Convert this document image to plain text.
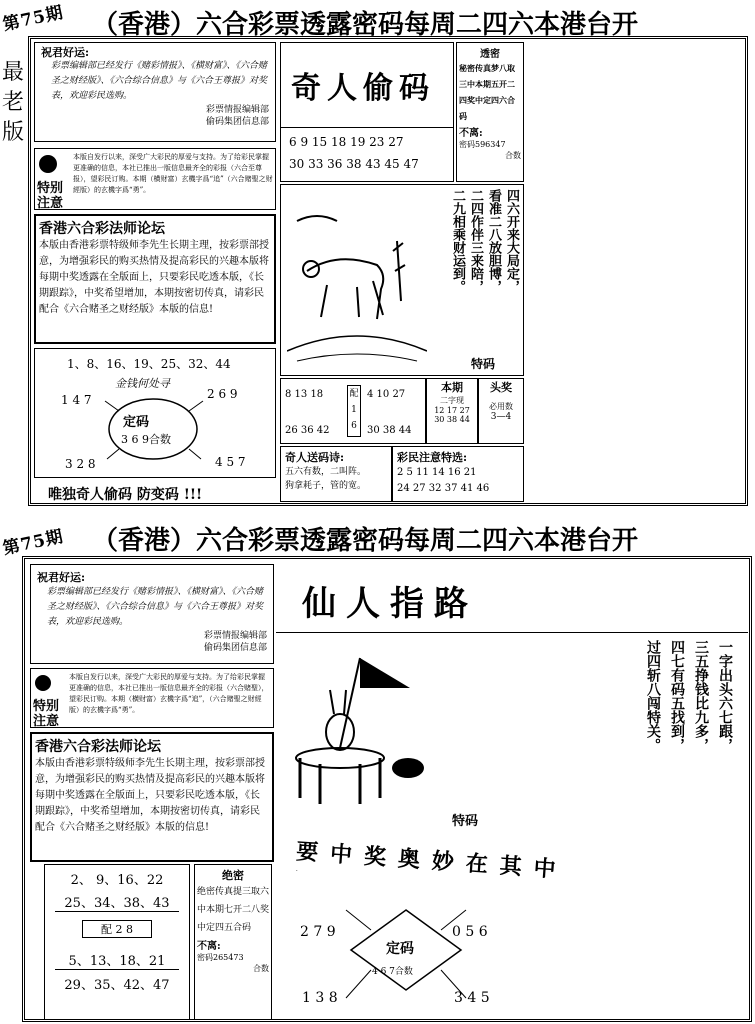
第75期 （香港）六合彩票透露密码每周二四六本港台开
最
老
版
祝君好运:
彩票编辑部已经发行《赌彩情报》、《横财富》、《六合赌圣之财经版》、《六合综合信息》与《六合王尊报》对奖表，欢迎彩民选购。
彩票情报编辑部
偷码集团信息部
特别
注意
本版自发行以来，深受广大彩民的厚爱与支持。为了给彩民掌握更准确的信息，本社已推出一版信息最齐全的彩报（六合至尊报），望彩民订购。本期（横财富）玄機字爲“追”（六合赌聖之财經版）的玄機字爲“勇”。
香港六合彩法师论坛
本版由香港彩票特级师李先生长期主理，按彩票部授意，为增强彩民的购买热情及提高彩民的兴趣本版将每期中奖透露在全版面上，只要彩民吃透本版，《长期跟踪》，中奖希望增加，本期按密切传真，请彩民配合《六合赌圣之财经版》本版的信息!
1、8、16、19、25、32、44
金钱何处寻
1 4 7	2 6 9
定码
3 6 9合数
3 2 8	4 5 7
唯独奇人偷码 防变码 !!!
奇人偷码
6 9 15 18 19 23 27
30 33 36 38 43 45 47
透密
秘密传真梦八取三中本期五开二四奖中定四六合码
不离:
密码596347
合数
四六开来大局定，
看准二八放胆博，
二四作伴三来陪，
二九相乘财运到。
特码
8 13 18
26 36 42
配
1
6
4 10 27
30 38 44
本期
二字现
12 17 27
30 38 44
头奖
必用数
3—4
奇人送码诗:
五六有数，二叫阵。
狗拿耗子，管的宽。
彩民注意特选:
2 5 11 14 16 21
24 27 32 37 41 46
第75期 （香港）六合彩票透露密码每周二四六本港台开
祝君好运:
彩票编辑部已经发行《赌彩情报》、《横财富》、《六合赌圣之财经版》、《六合综合信息》与《六合王尊报》对奖表，欢迎彩民选购。
彩票情报编辑部
偷码集团信息部
特别
注意
本版自发行以来，深受广大彩民的厚爱与支持。为了给彩民掌握更准确的信息，本社已推出一版信息最齐全的彩报（六合赌聖），望彩民订购。本期（横财富）玄機字爲“追”，（六合赌聖之财經版）的玄機字爲“勇”。
香港六合彩法师论坛
本版由香港彩票特级师李先生长期主理，按彩票部授意，为增强彩民的购买热情及提高彩民的兴趣本版将每期中奖透露在全版面上，只要彩民吃透本版，《长期跟踪》，中奖希望增加，本期按密切传真，请彩民配合《六合赌圣之财经版》本版的信息!
2、 9、16、22
25、34、38、43
配 2 8
5、13、18、21
29、35、42、47
绝密
绝密传真提三取六中本期七开二八奖中定四五合码
不离:
密码265473
合数
仙人指路
一字出头六七跟，
三五挣钱比九多，
四七有码五找到，
过四斩八闯特关。
特码
要中奖奥妙在其中
2 7 9	0 5 6
定码
4 6 7合数
1 3 8	3 4 5
